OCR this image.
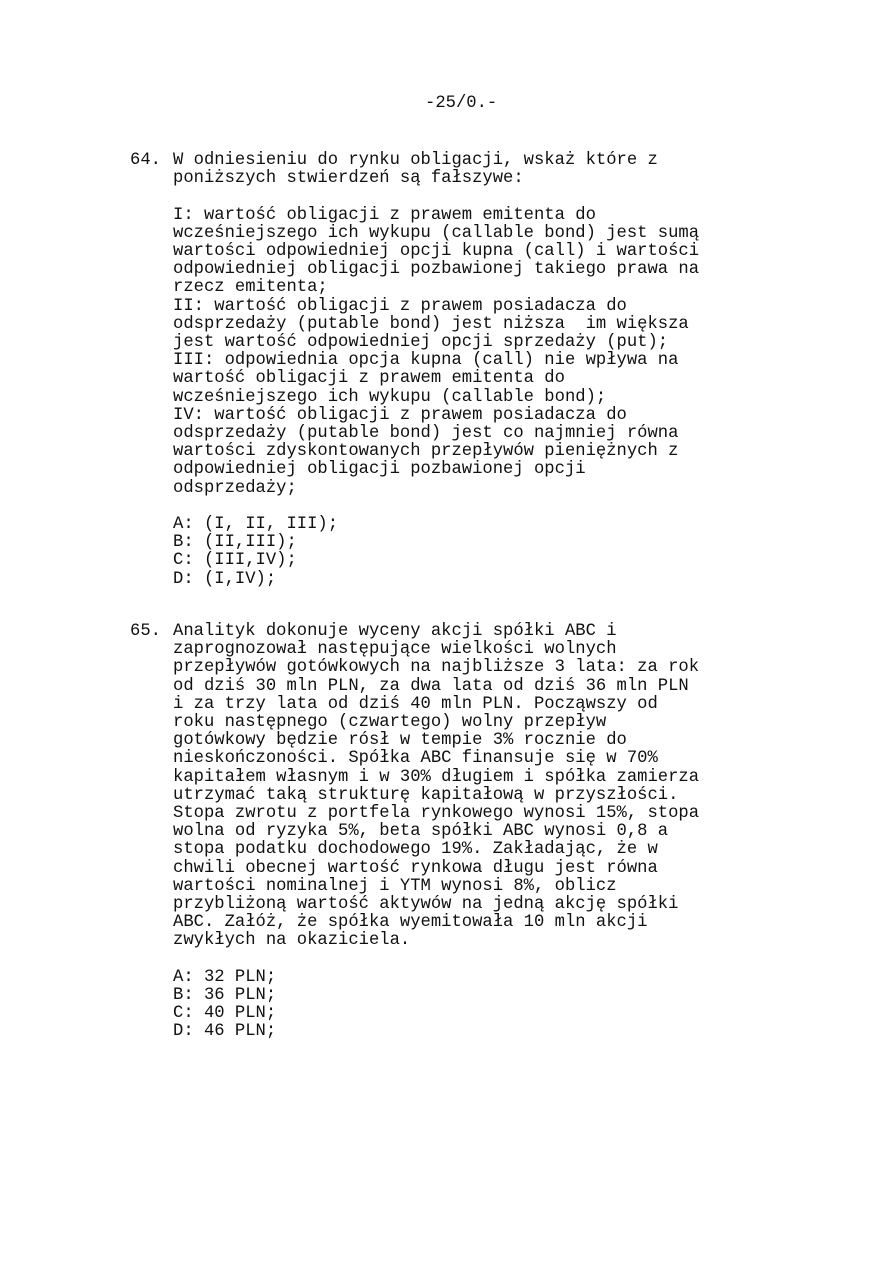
-25/0.-
64. W odniesieniu do rynku obligacji, wskaż które z
poniższych stwierdzeń są fałszywe:
I: wartość obligacji z prawem emitenta do
wcześniejszego ich wykupu (callable bond) jest sumą
wartości odpowiedniej opcji kupna (call) i wartości
odpowiedniej obligacji pozbawionej takiego prawa na
rzecz emitenta;
II: wartość obligacji z prawem posiadacza do
odsprzedaży (putable bond) jest niższa  im większa
jest wartość odpowiedniej opcji sprzedaży (put);
III: odpowiednia opcja kupna (call) nie wpływa na
wartość obligacji z prawem emitenta do
wcześniejszego ich wykupu (callable bond);
IV: wartość obligacji z prawem posiadacza do
odsprzedaży (putable bond) jest co najmniej równa
wartości zdyskontowanych przepływów pieniężnych z
odpowiedniej obligacji pozbawionej opcji
odsprzedaży;
A: (I, II, III);
B: (II,III);
C: (III,IV);
D: (I,IV);
65. Analityk dokonuje wyceny akcji spółki ABC i
zaprognozował następujące wielkości wolnych
przepływów gotówkowych na najbliższe 3 lata: za rok
od dziś 30 mln PLN, za dwa lata od dziś 36 mln PLN
i za trzy lata od dziś 40 mln PLN. Począwszy od
roku następnego (czwartego) wolny przepływ
gotówkowy będzie rósł w tempie 3% rocznie do
nieskończoności. Spółka ABC finansuje się w 70%
kapitałem własnym i w 30% długiem i spółka zamierza
utrzymać taką strukturę kapitałową w przyszłości.
Stopa zwrotu z portfela rynkowego wynosi 15%, stopa
wolna od ryzyka 5%, beta spółki ABC wynosi 0,8 a
stopa podatku dochodowego 19%. Zakładając, że w
chwili obecnej wartość rynkowa długu jest równa
wartości nominalnej i YTM wynosi 8%, oblicz
przybliżoną wartość aktywów na jedną akcję spółki
ABC. Załóż, że spółka wyemitowała 10 mln akcji
zwykłych na okaziciela.
A: 32 PLN;
B: 36 PLN;
C: 40 PLN;
D: 46 PLN;
